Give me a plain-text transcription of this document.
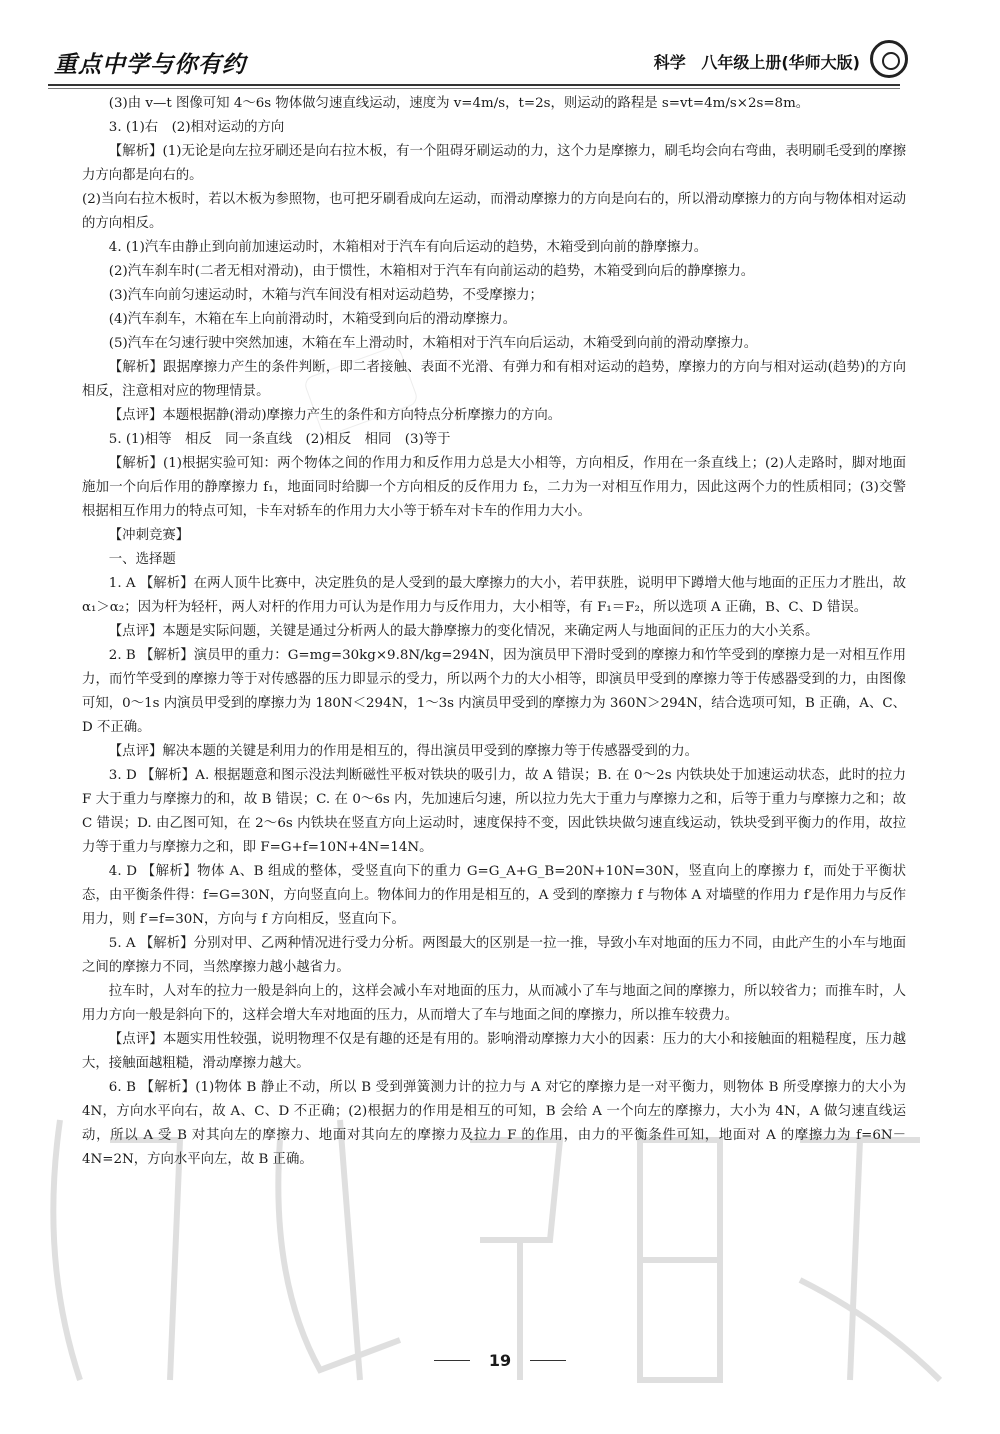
重点中学与你有约	科学 八年级上册(华师大版)

(3)由 v—t 图像可知 4～6s 物体做匀速直线运动，速度为 v=4m/s，t=2s，则运动的路程是 s=vt=4m/s×2s=8m。

3. (1)右　(2)相对运动的方向

【解析】(1)无论是向左拉牙刷还是向右拉木板，有一个阻碍牙刷运动的力，这个力是摩擦力，刷毛均会向右弯曲，表明刷毛受到的摩擦力方向都是向右的。

(2)当向右拉木板时，若以木板为参照物，也可把牙刷看成向左运动，而滑动摩擦力的方向是向右的，所以滑动摩擦力的方向与物体相对运动的方向相反。

4. (1)汽车由静止到向前加速运动时，木箱相对于汽车有向后运动的趋势，木箱受到向前的静摩擦力。

(2)汽车刹车时(二者无相对滑动)，由于惯性，木箱相对于汽车有向前运动的趋势，木箱受到向后的静摩擦力。

(3)汽车向前匀速运动时，木箱与汽车间没有相对运动趋势，不受摩擦力；

(4)汽车刹车，木箱在车上向前滑动时，木箱受到向后的滑动摩擦力。

(5)汽车在匀速行驶中突然加速，木箱在车上滑动时，木箱相对于汽车向后运动，木箱受到向前的滑动摩擦力。

【解析】跟据摩擦力产生的条件判断，即二者接触、表面不光滑、有弹力和有相对运动的趋势，摩擦力的方向与相对运动(趋势)的方向相反，注意相对应的物理情景。

【点评】本题根据静(滑动)摩擦力产生的条件和方向特点分析摩擦力的方向。

5. (1)相等　相反　同一条直线　(2)相反　相同　(3)等于

【解析】(1)根据实验可知：两个物体之间的作用力和反作用力总是大小相等，方向相反，作用在一条直线上；(2)人走路时，脚对地面施加一个向后作用的静摩擦力 f₁，地面同时给脚一个方向相反的反作用力 f₂，二力为一对相互作用力，因此这两个力的性质相同；(3)交警根据相互作用力的特点可知，卡车对轿车的作用力大小等于轿车对卡车的作用力大小。

【冲刺竞赛】

一、选择题

1. A 【解析】在两人顶牛比赛中，决定胜负的是人受到的最大摩擦力的大小，若甲获胜，说明甲下蹲增大他与地面的正压力才胜出，故 α₁＞α₂；因为杆为轻杆，两人对杆的作用力可认为是作用力与反作用力，大小相等，有 F₁＝F₂，所以选项 A 正确，B、C、D 错误。

【点评】本题是实际问题，关键是通过分析两人的最大静摩擦力的变化情况，来确定两人与地面间的正压力的大小关系。

2. B 【解析】演员甲的重力：G=mg=30kg×9.8N/kg=294N，因为演员甲下滑时受到的摩擦力和竹竿受到的摩擦力是一对相互作用力，而竹竿受到的摩擦力等于对传感器的压力即显示的受力，所以两个力的大小相等，即演员甲受到的摩擦力等于传感器受到的力，由图像可知，0～1s 内演员甲受到的摩擦力为 180N＜294N，1～3s 内演员甲受到的摩擦力为 360N＞294N，结合选项可知，B 正确，A、C、D 不正确。

【点评】解决本题的关键是利用力的作用是相互的，得出演员甲受到的摩擦力等于传感器受到的力。

3. D 【解析】A. 根据题意和图示没法判断磁性平板对铁块的吸引力，故 A 错误；B. 在 0～2s 内铁块处于加速运动状态，此时的拉力 F 大于重力与摩擦力的和，故 B 错误；C. 在 0～6s 内，先加速后匀速，所以拉力先大于重力与摩擦力之和，后等于重力与摩擦力之和；故 C 错误；D. 由乙图可知，在 2～6s 内铁块在竖直方向上运动时，速度保持不变，因此铁块做匀速直线运动，铁块受到平衡力的作用，故拉力等于重力与摩擦力之和，即 F=G+f=10N+4N=14N。

4. D 【解析】物体 A、B 组成的整体，受竖直向下的重力 G=G_A+G_B=20N+10N=30N，竖直向上的摩擦力 f，而处于平衡状态，由平衡条件得：f=G=30N，方向竖直向上。物体间力的作用是相互的，A 受到的摩擦力 f 与物体 A 对墙壁的作用力 f′是作用力与反作用力，则 f′=f=30N，方向与 f 方向相反，竖直向下。

5. A 【解析】分别对甲、乙两种情况进行受力分析。两图最大的区别是一拉一推，导致小车对地面的压力不同，由此产生的小车与地面之间的摩擦力不同，当然摩擦力越小越省力。

拉车时，人对车的拉力一般是斜向上的，这样会减小车对地面的压力，从而减小了车与地面之间的摩擦力，所以较省力；而推车时，人用力方向一般是斜向下的，这样会增大车对地面的压力，从而增大了车与地面之间的摩擦力，所以推车较费力。

【点评】本题实用性较强，说明物理不仅是有趣的还是有用的。影响滑动摩擦力大小的因素：压力的大小和接触面的粗糙程度，压力越大，接触面越粗糙，滑动摩擦力越大。

6. B 【解析】(1)物体 B 静止不动，所以 B 受到弹簧测力计的拉力与 A 对它的摩擦力是一对平衡力，则物体 B 所受摩擦力的大小为 4N，方向水平向右，故 A、C、D 不正确；(2)根据力的作用是相互的可知，B 会给 A 一个向左的摩擦力，大小为 4N，A 做匀速直线运动，所以 A 受 B 对其向左的摩擦力、地面对其向左的摩擦力及拉力 F 的作用，由力的平衡条件可知，地面对 A 的摩擦力为 f=6N－4N=2N，方向水平向左，故 B 正确。

19
